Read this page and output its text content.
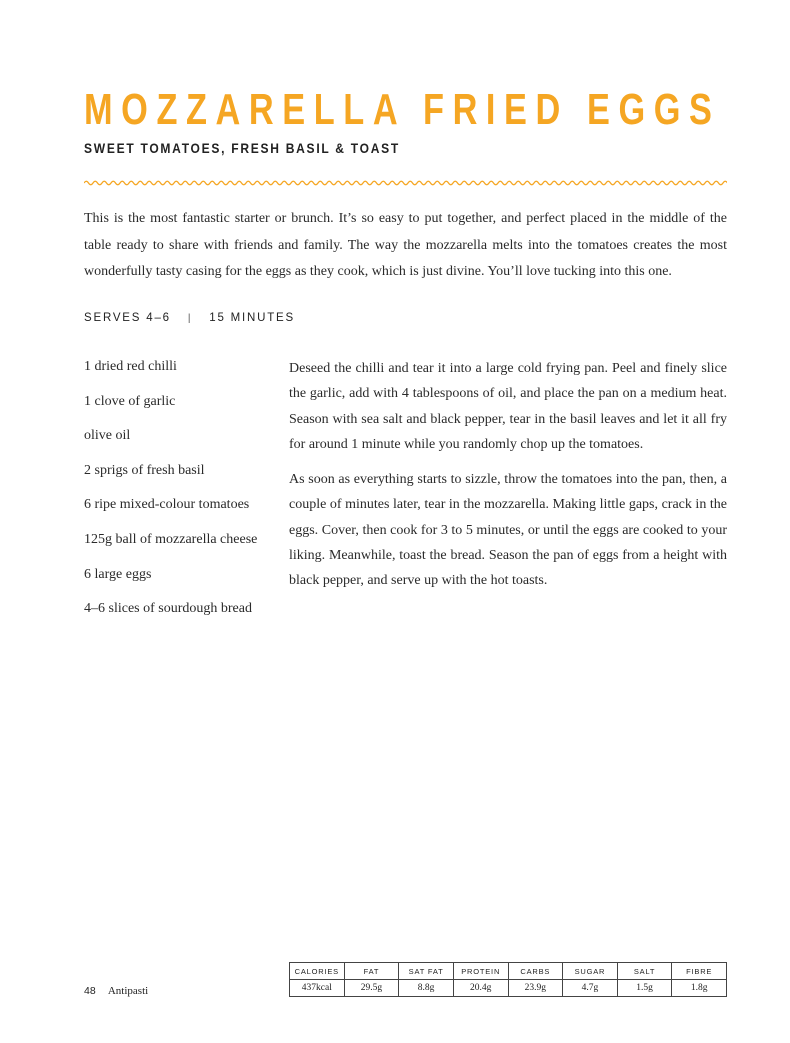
MOZZARELLA FRIED EGGS
SWEET TOMATOES, FRESH BASIL & TOAST

This is the most fantastic starter or brunch. It’s so easy to put together, and perfect placed in the middle of the table ready to share with friends and family. The way the mozzarella melts into the tomatoes creates the most wonderfully tasty casing for the eggs as they cook, which is just divine. You’ll love tucking into this one.

SERVES 4–6 | 15 MINUTES
1 dried red chilli
1 clove of garlic
olive oil
2 sprigs of fresh basil
6 ripe mixed-colour tomatoes
125g ball of mozzarella cheese
6 large eggs
4–6 slices of sourdough bread

Deseed the chilli and tear it into a large cold frying pan. Peel and finely slice the garlic, add with 4 tablespoons of oil, and place the pan on a medium heat. Season with sea salt and black pepper, tear in the basil leaves and let it all fry for around 1 minute while you randomly chop up the tomatoes.

As soon as everything starts to sizzle, throw the tomatoes into the pan, then, a couple of minutes later, tear in the mozzarella. Making little gaps, crack in the eggs. Cover, then cook for 3 to 5 minutes, or until the eggs are cooked to your liking. Meanwhile, toast the bread. Season the pan of eggs from a height with black pepper, and serve up with the hot toasts.

CALORIES	FAT	SAT FAT	PROTEIN	CARBS	SUGAR	SALT	FIBRE
437kcal	29.5g	8.8g	20.4g	23.9g	4.7g	1.5g	1.8g
48 Antipasti
